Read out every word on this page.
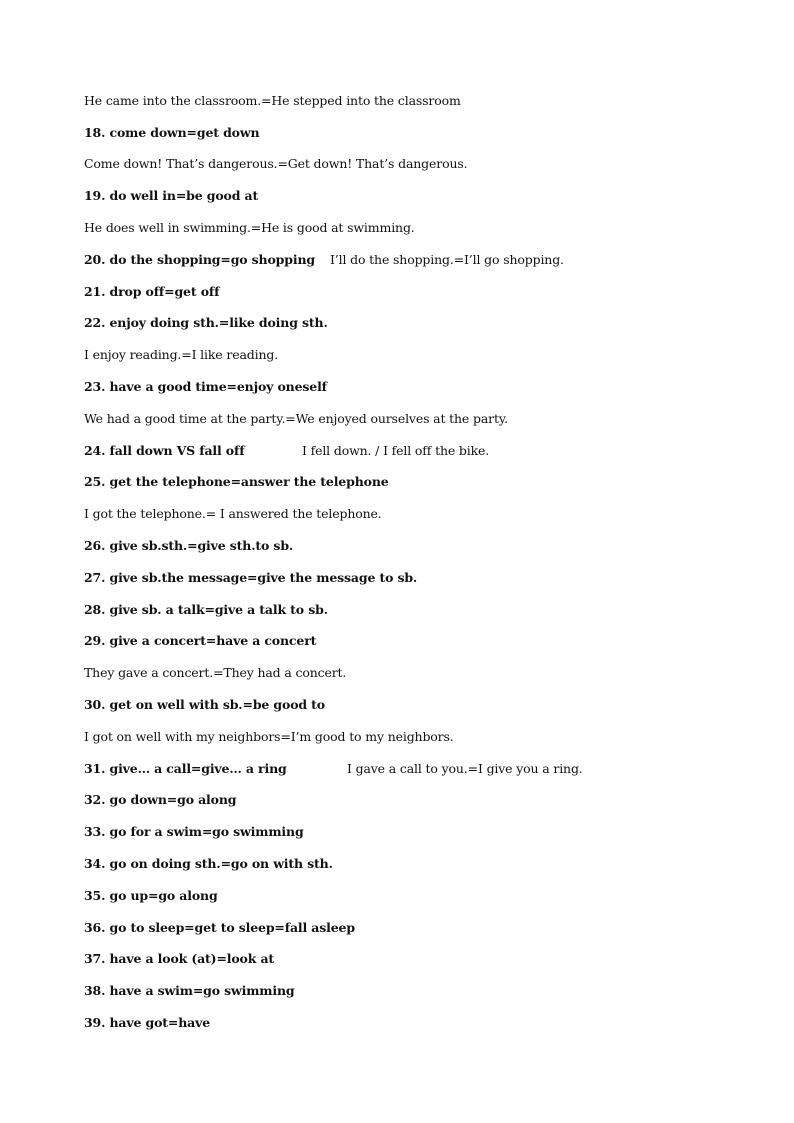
He came into the classroom.=He stepped into the classroom
18. come down=get down
Come down! That’s dangerous.=Get down! That’s dangerous.
19. do well in=be good at
He does well in swimming.=He is good at swimming.
20. do the shopping=go shopping I’ll do the shopping.=I’ll go shopping.
21. drop off=get off
22. enjoy doing sth.=like doing sth.
I enjoy reading.=I like reading.
23. have a good time=enjoy oneself
We had a good time at the party.=We enjoyed ourselves at the party.
24. fall down VS fall off	I fell down. / I fell off the bike.
25. get the telephone=answer the telephone
I got the telephone.= I answered the telephone.
26. give sb.sth.=give sth.to sb.
27. give sb.the message=give the message to sb.
28. give sb. a talk=give a talk to sb.
29. give a concert=have a concert
They gave a concert.=They had a concert.
30. get on well with sb.=be good to
I got on well with my neighbors=I’m good to my neighbors.
31. give… a call=give… a ring	I gave a call to you.=I give you a ring.
32. go down=go along
33. go for a swim=go swimming
34. go on doing sth.=go on with sth.
35. go up=go along
36. go to sleep=get to sleep=fall asleep
37. have a look (at)=look at
38. have a swim=go swimming
39. have got=have
